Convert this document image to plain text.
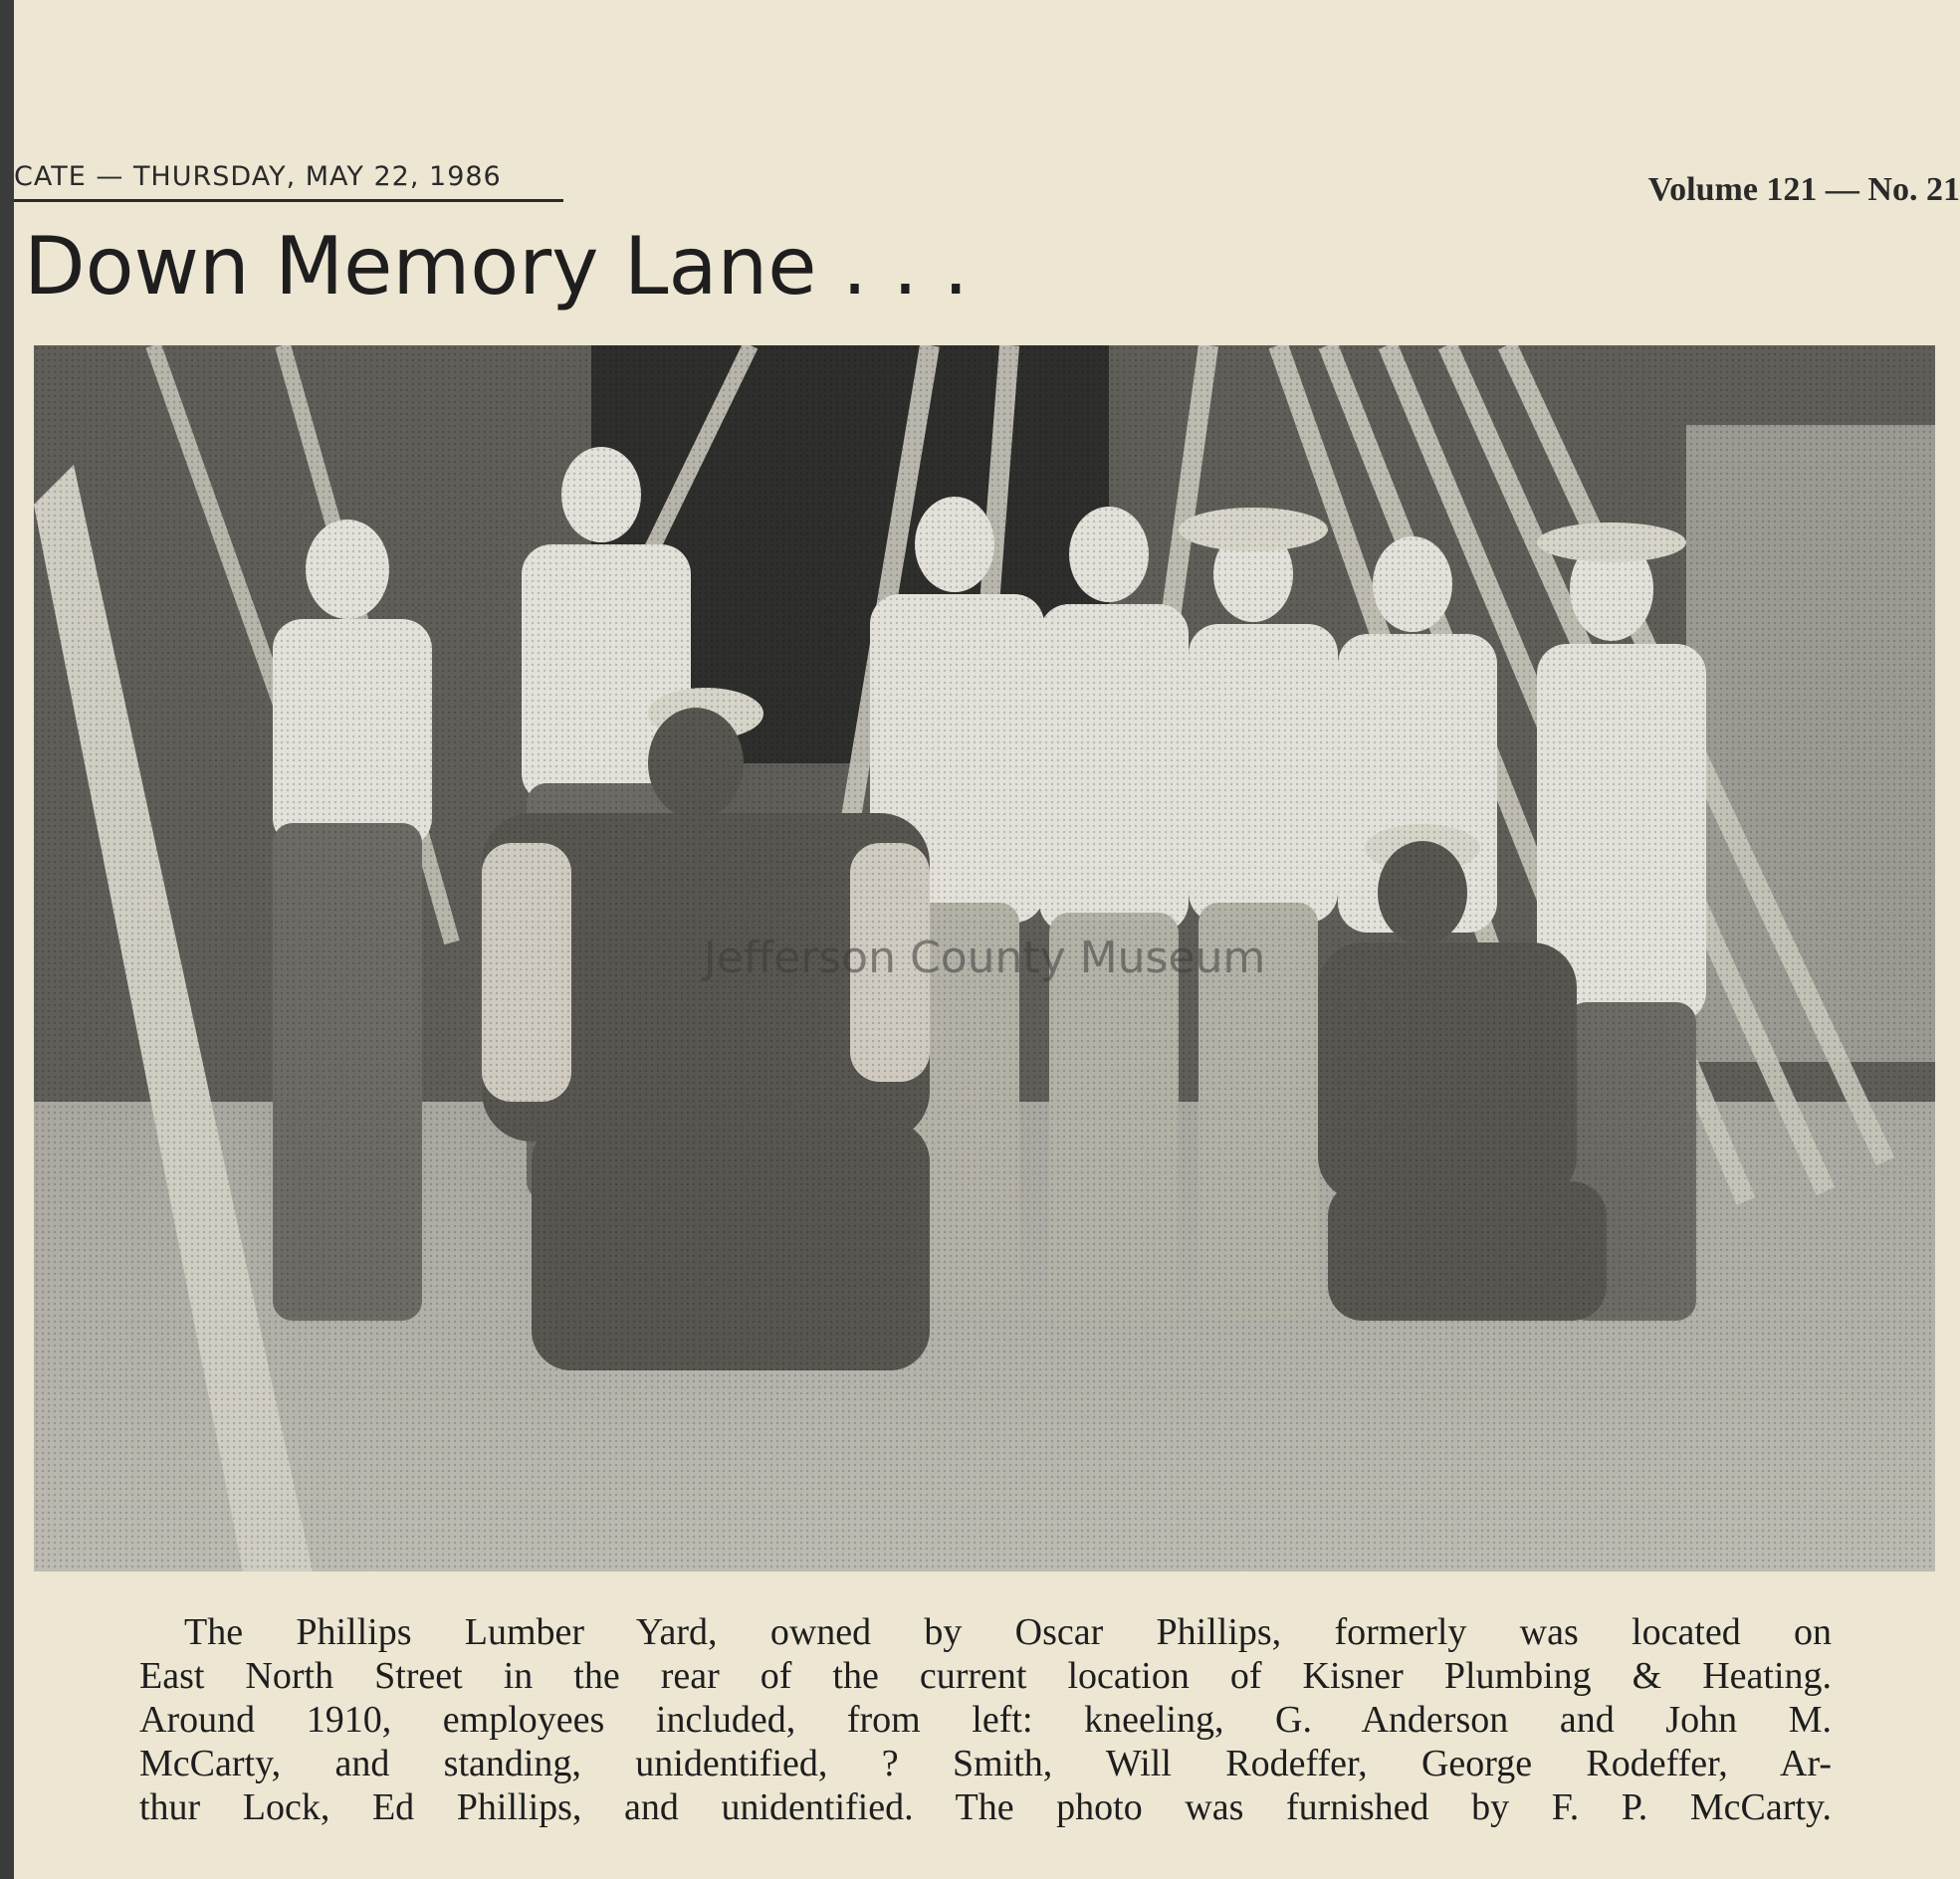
CATE — THURSDAY, MAY 22, 1986	Volume 121 — No. 21
Down Memory Lane . . .
Jefferson County Museum
The Phillips Lumber Yard, owned by Oscar Phillips, formerly was located on
East North Street in the rear of the current location of Kisner Plumbing & Heating.
Around 1910, employees included, from left: kneeling, G. Anderson and John M.
McCarty, and standing, unidentified, ? Smith, Will Rodeffer, George Rodeffer, Ar-
thur Lock, Ed Phillips, and unidentified. The photo was furnished by F. P. McCarty.
